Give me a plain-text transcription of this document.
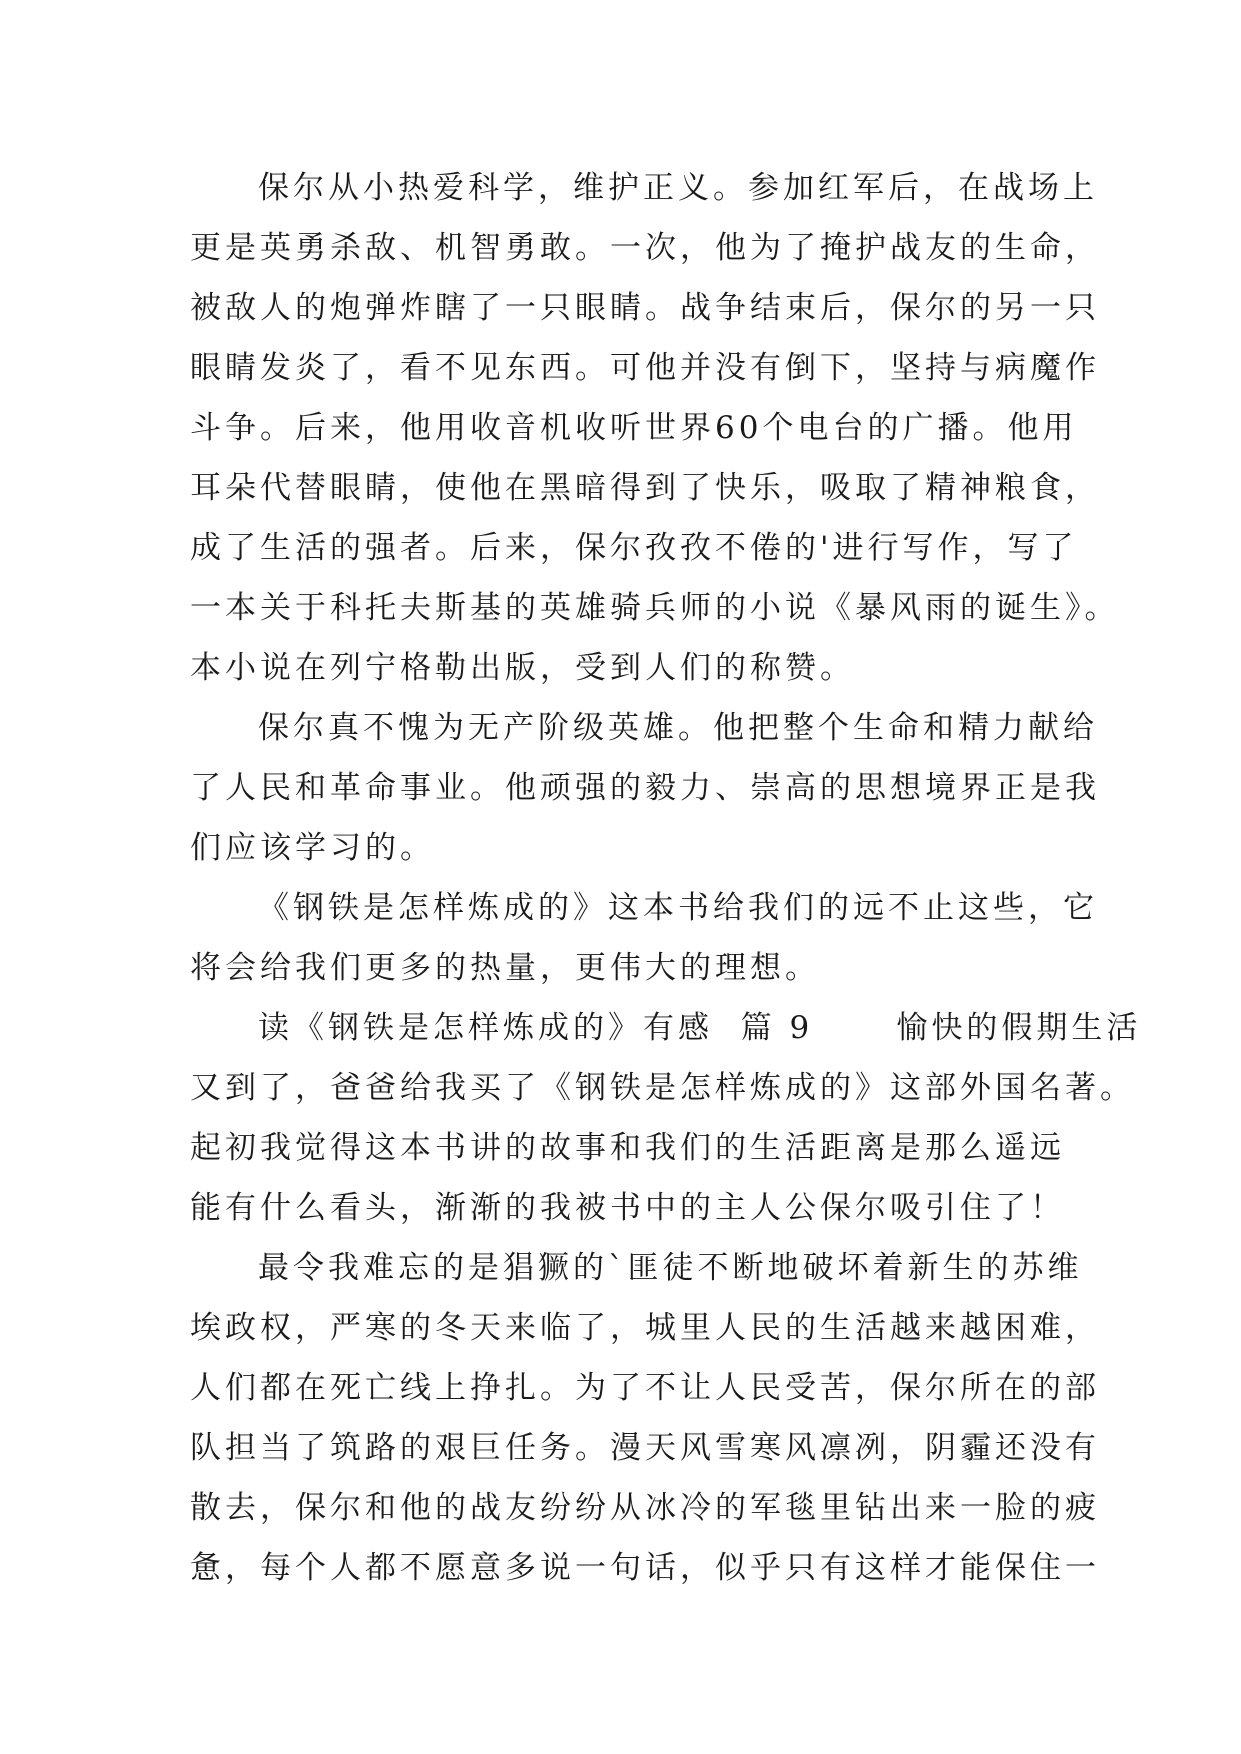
保尔从小热爱科学，维护正义。参加红军后，在战场上
更是英勇杀敌、机智勇敢。一次，他为了掩护战友的生命，
被敌人的炮弹炸瞎了一只眼睛。战争结束后，保尔的另一只
眼睛发炎了，看不见东西。可他并没有倒下，坚持与病魔作
斗争。后来，他用收音机收听世界60个电台的广播。他用
耳朵代替眼睛，使他在黑暗得到了快乐，吸取了精神粮食，
成了生活的强者。后来，保尔孜孜不倦的'进行写作，写了
一本关于科托夫斯基的英雄骑兵师的小说《暴风雨的诞生》。
本小说在列宁格勒出版，受到人们的称赞。
保尔真不愧为无产阶级英雄。他把整个生命和精力献给
了人民和革命事业。他顽强的毅力、崇高的思想境界正是我
们应该学习的。
《钢铁是怎样炼成的》这本书给我们的远不止这些，它
将会给我们更多的热量，更伟大的理想。
读《钢铁是怎样炼成的》有感  篇 9      愉快的假期生活
又到了，爸爸给我买了《钢铁是怎样炼成的》这部外国名著。
起初我觉得这本书讲的故事和我们的生活距离是那么遥远
能有什么看头，渐渐的我被书中的主人公保尔吸引住了！
最令我难忘的是猖獗的`匪徒不断地破坏着新生的苏维
埃政权，严寒的冬天来临了，城里人民的生活越来越困难，
人们都在死亡线上挣扎。为了不让人民受苦，保尔所在的部
队担当了筑路的艰巨任务。漫天风雪寒风凛冽，阴霾还没有
散去，保尔和他的战友纷纷从冰冷的军毯里钻出来一脸的疲
惫，每个人都不愿意多说一句话，似乎只有这样才能保住一
